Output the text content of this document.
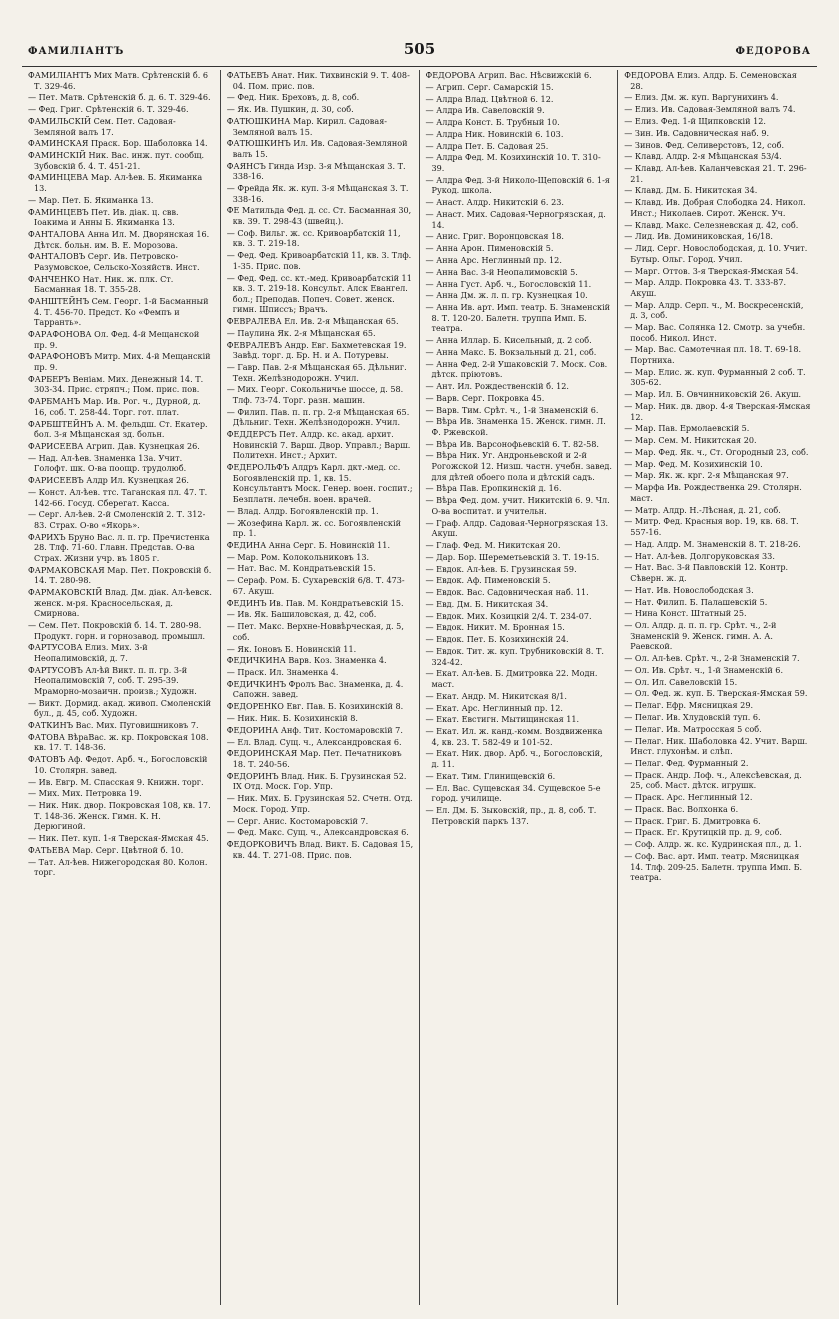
ФАМИЛІАНТЪ	505	ФЕДОРОВА
ФАМИЛІАНТЪ Мих Матв. Срѣтенскій б. 6 Т. 329-46.
— Пет. Матв. Срѣтенскій б. д. 6. Т. 329-46.
— Фед. Григ. Срѣтенскій 6. Т. 329-46.
ФАМИЛЬСКІЙ Сем. Пет. Садовая-Земляной валъ 17.
ФАМИНСКАЯ Праск. Бор. Шаболовка 14.
ФАМИНСКІЙ Ник. Вас. инж. пут. сообщ. Зубовскій б. 4. Т. 451-21.
ФАМИНЦЕВА Мар. Ал-ѣев. Б. Якиманка 13.
— Мар. Пет. Б. Якиманка 13.
ФАМИНЦЕВЪ Пет. Ив. діак. ц. свв. Іоакима и Анны Б. Якиманка 13.
ФАНТАЛОВА Анна Ил. М. Дворянская 16. Дѣтск. больн. им. В. Е. Морозова.
ФАНТАЛОВЪ Серг. Ив. Петровско-Разумовское, Сельско-Хозяйств. Инст.
ФАНЧЕНКО Нат. Ник. ж. плк. Ст. Басманная 18. Т. 355-28.
ФАНШТЕЙНЪ Сем. Георг. 1-й Басманный 4. Т. 456-70. Предст. Ко «Фемпъ и Тарранть».
ФАРАФОНОВА Ол. Фед. 4-й Мещанской пр. 9.
ФАРАФОНОВЪ Митр. Мих. 4-й Мещанскій пр. 9.
ФАРБЕРЪ Веніам. Мих. Денежный 14. Т. 303-34. Прис. стряпч.; Пом. прис. пов.
ФАРБМАНЪ Мар. Ив. Рог. ч., Дурной, д. 16, соб. Т. 258-44. Торг. гот. плат.
ФАРБШТЕЙНЪ А. М. фельдш. Ст. Екатер. бол. 3-я Мѣщанская зд. больн.
ФАРИСЕЕВА Агрип. Дав. Кузнецкая 26.
— Над. Ал-ѣев. Знаменка 13а. Учит. Голофт. шк. О-ва поощр. трудолюб.
ФАРИСЕЕВЪ Алдр Ил. Кузнецкая 26.
— Конст. Ал-ѣев. ттс. Таганская пл. 47. Т. 142-66. Госуд. Сберегат. Касса.
— Серг. Ал-ѣев. 2-й Смоленскій 2. Т. 312-83. Страх. О-во «Якорь».
ФАРИХЪ Бруно Вас. л. п. гр. Пречистенка 28. Тлф. 71-60. Главн. Представ. О-ва Страх. Жизни учр. въ 1805 г.
ФАРМАКОВСКАЯ Мар. Пет. Покровскій б. 14. Т. 280-98.
ФАРМАКОВСКІЙ Влад. Дм. діак. Ал-ѣевск. женск. м-ря. Красносельская, д. Смирнова.
— Сем. Пет. Покровскій б. 14. Т. 280-98. Продукт. горн. и горнозавод. промышл.
ФАРТУСОВА Елиз. Мих. 3-й Неопалимовскій, д. 7.
ФАРТУСОВЪ Ал-ѣй Викт. п. п. гр. 3-й Неопалимовскій 7, соб. Т. 295-39. Мраморно-мозаичн. произв.; Художн.
— Викт. Дормид. акад. живоп. Смоленскій бул., д. 45, соб. Художн.
ФАТКИНЪ Вас. Мих. Пуговишниковъ 7.
ФАТОВА ВѣраВас. ж. кр. Покровская 108. кв. 17. Т. 148-36.
ФАТОВЪ Аф. Федот. Арб. ч., Богословскій 10. Столярн. завед.
— Ив. Евгр. М. Спасская 9. Книжн. торг.
— Мих. Мих. Петровка 19.
— Ник. Ник. двор. Покровская 108, кв. 17. Т. 148-36. Женск. Гимн. К. Н. Дерюгиной.
— Ник. Пет. куп. 1-я Тверская-Ямская 45.
ФАТЬЕВА Мар. Серг. Цвѣтной б. 10.
— Тат. Ал-ѣев. Нижегородская 80. Колон. торг.
ФАТЬЕВЪ Анат. Ник. Тихвинскій 9. Т. 408-04. Пом. прис. пов.
— Фед. Ник. Бреховъ, д. 8, соб.
— Як. Ив. Пушкин, д. 30, соб.
ФАТЮШКИНА Мар. Кирил. Садовая-Земляной валъ 15.
ФАТЮШКИНЪ Ил. Ив. Садовая-Земляной валъ 15.
ФАЯНСЪ Гинда Изр. 3-я Мѣщанская 3. Т. 338-16.
— Фрейда Як. ж. куп. 3-я Мѣщанская 3. Т. 338-16.
ФЕ Матильда Фед. д. сс. Ст. Басманная 30, кв. 39. Т. 298-43 (швейц.).
— Соф. Вильг. ж. сс. Кривоарбатскій 11, кв. 3. Т. 219-18.
— Фед. Фед. Кривоарбатскій 11, кв. 3. Тлф. 1-35. Прис. пов.
— Фед. Фед. сс. кт.-мед. Кривоарбатскій 11 кв. 3. Т. 219-18. Консульт. Алск Евангел. бол.; Преподав. Попеч. Совет. женск. гимн. Шписсъ; Врачъ.
ФЕВРАЛЕВА Ел. Ив. 2-я Мѣщанская 65.
— Паулина Як. 2-я Мѣщанская 65.
ФЕВРАЛЕВЪ Андр. Евг. Бахметевская 19. Завѣд. торг. д. Бр. Н. и А. Потуревы.
— Гавр. Пав. 2-я Мѣщанская 65. Дѣльниг. Техн. Желѣзнодорожн. Учил.
— Мих. Георг. Сокольничье шоссе, д. 58. Тлф. 73-74. Торг. разн. машин.
— Филип. Пав. п. п. гр. 2-я Мѣщанская 65. Дѣльниг. Техн. Желѣзнодорожн. Учил.
ФЕДДЕРСЪ Пет. Алдр. кс. акад. архит. Новинскій 7. Варш. Двор. Управл.; Варш. Политехн. Инст.; Архит.
ФЕДЕРОЛЬФЪ Алдръ Карл. дкт.-мед. сс. Богоявленскій пр. 1, кв. 15. Консультантъ Моск. Генер. воен. госпит.; Безплатн. лечебн. воен. врачей.
— Влад. Алдр. Богоявленскій пр. 1.
— Жозефина Карл. ж. сс. Богоявленскій пр. 1.
ФЕДИНА Анна Серг. Б. Новинскій 11.
— Мар. Ром. Колокольниковъ 13.
— Нат. Вас. М. Кондратьевскій 15.
— Сераф. Ром. Б. Сухаревскій 6/8. Т. 473-67. Акуш.
ФЕДИНЪ Ив. Пав. М. Кондратьевскій 15.
— Ив. Як. Башиловская, д. 42, соб.
— Пет. Макс. Верхне-Новвѣрческая, д. 5, соб.
— Як. Іоновъ Б. Новинскій 11.
ФЕДИЧКИНА Варв. Коз. Знаменка 4.
— Праск. Ил. Знаменка 4.
ФЕДИЧКИНЪ Фролъ Вас. Знаменка, д. 4. Сапожн. завед.
ФЕДОРЕНКО Евг. Пав. Б. Козихинскій 8.
— Ник. Ник. Б. Козихинскій 8.
ФЕДОРИНА Анф. Тит. Костомаровскій 7.
— Ел. Влад. Сущ. ч., Александровская 6.
ФЕДОРИНСКАЯ Мар. Пет. Печатниковъ 18. Т. 240-56.
ФЕДОРИНЪ Влад. Ник. Б. Грузинская 52. IX Отд. Моск. Гор. Упр.
— Ник. Мих. Б. Грузинская 52. Счетн. Отд. Моск. Город. Упр.
— Серг. Анис. Костомаровскій 7.
— Фед. Макс. Сущ. ч., Александровская 6.
ФЕДОРКОВИЧЪ Влад. Викт. Б. Садовая 15, кв. 44. Т. 271-08. Прис. пов.
ФЕДОРОВА Агрип. Вас. Нѣсвижскій 6.
— Агрип. Серг. Самарскій 15.
— Алдра Влад. Цвѣтной 6. 12.
— Алдра Ив. Савеловскій 9.
— Алдра Конст. Б. Трубный 10.
— Алдра Ник. Новинскій 6. 103.
— Алдра Пет. Б. Садовая 25.
— Алдра Фед. М. Козихинскій 10. Т. 310-39.
— Алдра Фед. 3-й Николо-Щеповскій 6. 1-я Рукод. школа.
— Анаст. Алдр. Никитскій 6. 23.
— Анаст. Мих. Садовая-Черногрязская, д. 14.
— Анис. Григ. Воронцовская 18.
— Анна Арон. Пименовскій 5.
— Анна Арс. Неглинный пр. 12.
— Анна Вас. 3-й Неопалимовскій 5.
— Анна Густ. Арб. ч., Богословскій 11.
— Анна Дм. ж. л. п. гр. Кузнецкая 10.
— Анна Ив. арт. Имп. театр. Б. Знаменскій 8. Т. 120-20. Балетн. труппа Имп. Б. театра.
— Анна Иллар. Б. Кисельный, д. 2 соб.
— Анна Макс. Б. Вокзальный д. 21, соб.
— Анна Фед. 2-й Ушаковскій 7. Моск. Сов. дѣтск. пріютовъ.
— Ант. Ил. Рождественскій б. 12.
— Варв. Серг. Покровка 45.
— Варв. Тим. Срѣт. ч., 1-й Знаменскій 6.
— Вѣра Ив. Знаменка 15. Женск. гимн. Л. Ф. Ржевской.
— Вѣра Ив. Варсонофьевскій 6. Т. 82-58.
— Вѣра Ник. Уг. Андроньевской и 2-й Рогожской 12. Низш. частн. учебн. завед. для дѣтей обоего пола и дѣтскій садъ.
— Вѣра Пав. Еропкинскій д. 16.
— Вѣра Фед. дом. учит. Никитскій 6. 9. Чл. О-ва воспитат. и учительн.
— Граф. Алдр. Садовая-Черногрязская 13. Акуш.
— Глаф. Фед. М. Никитская 20.
— Дар. Бор. Шереметьевскій 3. Т. 19-15.
— Евдок. Ал-ѣев. Б. Грузинская 59.
— Евдок. Аф. Пименовскій 5.
— Евдок. Вас. Садовническая наб. 11.
— Евд. Дм. Б. Никитская 34.
— Евдок. Мих. Козицкій 2/4. Т. 234-07.
— Евдок. Никит. М. Бронная 15.
— Евдок. Пет. Б. Козихинскій 24.
— Евдок. Тит. ж. куп. Трубниковскій 8. Т. 324-42.
— Екат. Ал-ѣев. Б. Дмитровка 22. Модн. маст.
— Екат. Андр. М. Никитская 8/1.
— Екат. Арс. Неглинный пр. 12.
— Екат. Евстигн. Мытищинская 11.
— Екат. Ил. ж. канд.-комм. Воздвиженка 4, кв. 23. Т. 582-49 и 101-52.
— Екат. Ник. двор. Арб. ч., Богословскій, д. 11.
— Екат. Тим. Глинищевскій 6.
— Ел. Вас. Сущевская 34. Сущевское 5-е город. училище.
— Ел. Дм. Б. Зыковскій, пр., д. 8, соб. Т. Петровскій паркъ 137.
ФЕДОРОВА Елиз. Алдр. Б. Семеновская 28.
— Елиз. Дм. ж. куп. Варгунихинъ 4.
— Елиз. Ив. Садовая-Земляной валъ 74.
— Елиз. Фед. 1-й Щипковскій 12.
— Зин. Ив. Садовническая наб. 9.
— Зинов. Фед. Селиверстовъ, 12, соб.
— Клавд. Алдр. 2-я Мѣщанская 53/4.
— Клавд. Ал-ѣев. Каланчевская 21. Т. 296-21.
— Клавд. Дм. Б. Никитская 34.
— Клавд. Ив. Добрая Слободка 24. Никол. Инст.; Николаев. Сирот. Женск. Уч.
— Клавд. Макс. Селезневская д. 42, соб.
— Лид. Ив. Доминиковская, 16/18.
— Лид. Серг. Новослободская, д. 10. Учит. Бутыр. Ольг. Город. Учил.
— Марг. Оттов. 3-я Тверская-Ямская 54.
— Мар. Алдр. Покровка 43. Т. 333-87. Акуш.
— Мар. Алдр. Серп. ч., М. Воскресенскій, д. 3, соб.
— Мар. Вас. Солянка 12. Смотр. за учебн. пособ. Никол. Инст.
— Мар. Вас. Самотечная пл. 18. Т. 69-18. Портниха.
— Мар. Елис. ж. куп. Фурманный 2 соб. Т. 305-62.
— Мар. Ил. Б. Овчинниковскій 26. Акуш.
— Мар. Ник. дв. двор. 4-я Тверская-Ямская 12.
— Мар. Пав. Ермолаевскій 5.
— Мар. Сем. М. Никитская 20.
— Мар. Фед. Як. ч., Ст. Огородный 23, соб.
— Мар. Фед. М. Козихинскій 10.
— Мар. Як. ж. крг. 2-я Мѣщанская 97.
— Марфа Ив. Рождественка 29. Столярн. маст.
— Матр. Алдр. Н.-Лѣсная, д. 21, соб.
— Митр. Фед. Красныя вор. 19, кв. 68. Т. 557-16.
— Над. Алдр. М. Знаменскій 8. Т. 218-26.
— Нат. Ал-ѣев. Долгоруковская 33.
— Нат. Вас. 3-й Павловскій 12. Контр. Сѣверн. ж. д.
— Нат. Ив. Новослободская 3.
— Нат. Филип. Б. Палашевскій 5.
— Нина Конст. Штатный 25.
— Ол. Алдр. д. п. п. гр. Срѣт. ч., 2-й Знаменскій 9. Женск. гимн. А. А. Раевской.
— Ол. Ал-ѣев. Срѣт. ч., 2-й Знаменскій 7.
— Ол. Ив. Срѣт. ч., 1-й Знаменскій 6.
— Ол. Ил. Савеловскій 15.
— Ол. Фед. ж. куп. Б. Тверская-Ямская 59.
— Пелаг. Ефр. Мясницкая 29.
— Пелаг. Ив. Хлудовскій туп. 6.
— Пелаг. Ив. Матросская 5 соб.
— Пелаг. Ник. Шаболовка 42. Учит. Варш. Инст. глухонѣм. и слѣп.
— Пелаг. Фед. Фурманный 2.
— Праск. Андр. Лоф. ч., Алексѣевская, д. 25, соб. Маст. дѣтск. игрушк.
— Праск. Арс. Неглинный 12.
— Праск. Вас. Волхонка 6.
— Праск. Григ. Б. Дмитровка 6.
— Праск. Ег. Крутицкій пр. д. 9, соб.
— Соф. Алдр. ж. кс. Кудринская пл., д. 1.
— Соф. Вас. арт. Имп. театр. Мясницкая 14. Тлф. 209-25. Балетн. труппа Имп. Б. театра.
